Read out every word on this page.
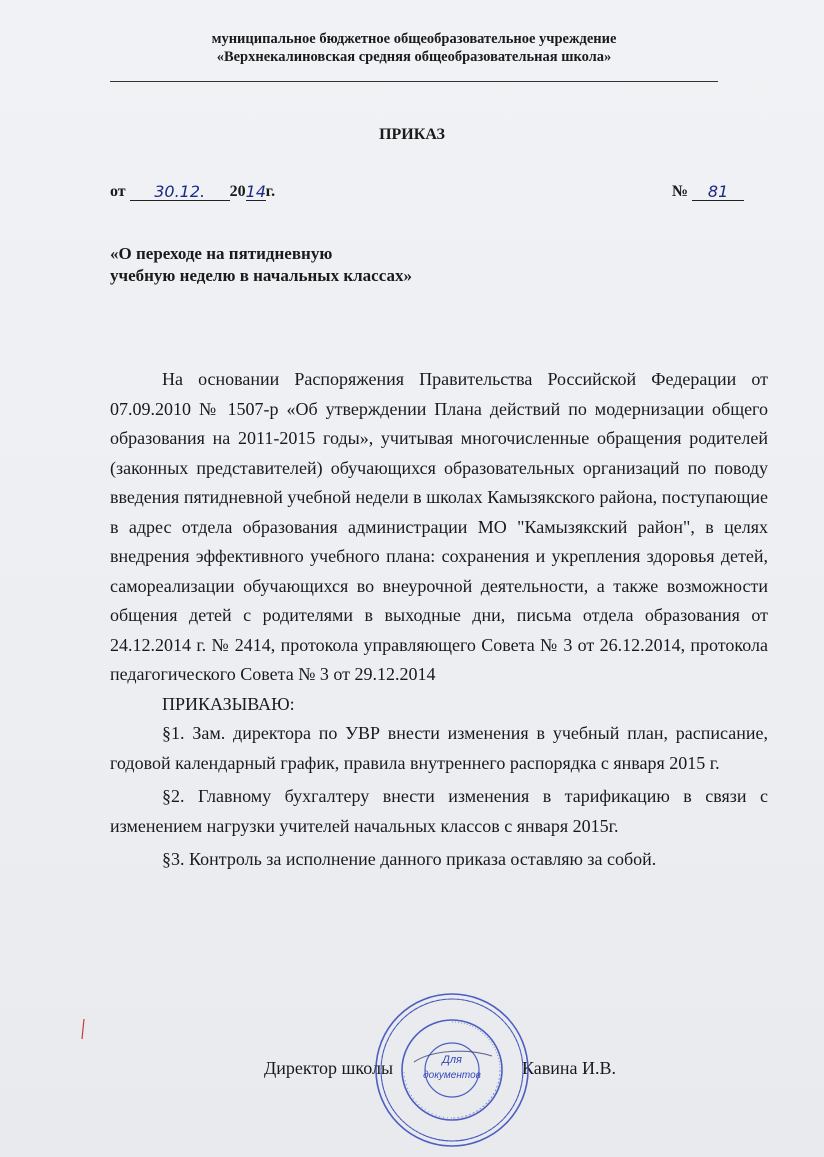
муниципальное бюджетное общеобразовательное учреждение
«Верхнекалиновская средняя общеобразовательная школа»
ПРИКАЗ
от 30.12. 2014г.	№ 81
«О переходе на пятидневную
учебную неделю в начальных классах»

На основании Распоряжения Правительства Российской Федерации от 07.09.2010 № 1507-р «Об утверждении Плана действий по модернизации общего образования на 2011-2015 годы», учитывая многочисленные обращения родителей (законных представителей) обучающихся образовательных организаций по поводу введения пятидневной учебной недели в школах Камызякского района, поступающие в адрес отдела образования администрации МО "Камызякский район", в целях внедрения эффективного учебного плана: сохранения и укрепления здоровья детей, самореализации обучающихся во внеурочной деятельности, а также возможности общения детей с родителями в выходные дни, письма отдела образования от 24.12.2014 г. № 2414, протокола управляющего Совета № 3 от 26.12.2014, протокола педагогического Совета № 3 от 29.12.2014

ПРИКАЗЫВАЮ:

§1. Зам. директора по УВР внести изменения в учебный план, расписание, годовой календарный график, правила внутреннего распорядка с января 2015 г.

§2. Главному бухгалтеру внести изменения в тарификацию в связи с изменением нагрузки учителей начальных классов с января 2015г.

§3. Контроль за исполнение данного приказа оставляю за собой.

Директор школы	Кавина И.В.
Для
документов
